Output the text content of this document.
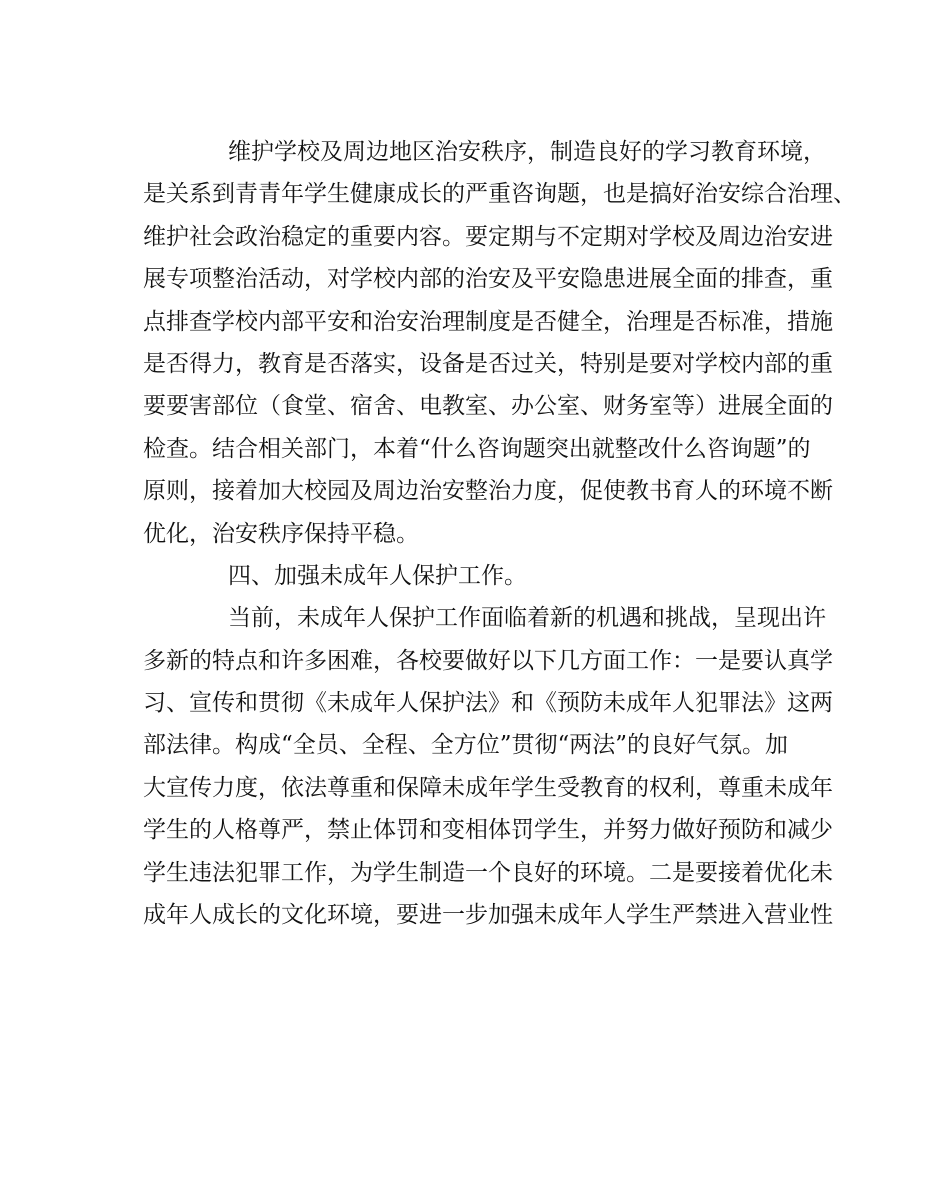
维护学校及周边地区治安秩序，制造良好的学习教育环境，
是关系到青青年学生健康成长的严重咨询题，也是搞好治安综合治理、
维护社会政治稳定的重要内容。要定期与不定期对学校及周边治安进
展专项整治活动，对学校内部的治安及平安隐患进展全面的排查，重
点排查学校内部平安和治安治理制度是否健全，治理是否标准，措施
是否得力，教育是否落实，设备是否过关，特别是要对学校内部的重
要要害部位（食堂、宿舍、电教室、办公室、财务室等）进展全面的
检查。结合相关部门，本着“什么咨询题突出就整改什么咨询题”的
原则，接着加大校园及周边治安整治力度，促使教书育人的环境不断
优化，治安秩序保持平稳。
四、加强未成年人保护工作。
当前，未成年人保护工作面临着新的机遇和挑战，呈现出许
多新的特点和许多困难，各校要做好以下几方面工作：一是要认真学
习、宣传和贯彻《未成年人保护法》和《预防未成年人犯罪法》这两
部法律。构成“全员、全程、全方位”贯彻“两法”的良好气氛。加
大宣传力度，依法尊重和保障未成年学生受教育的权利，尊重未成年
学生的人格尊严，禁止体罚和变相体罚学生，并努力做好预防和减少
学生违法犯罪工作，为学生制造一个良好的环境。二是要接着优化未
成年人成长的文化环境，要进一步加强未成年人学生严禁进入营业性
